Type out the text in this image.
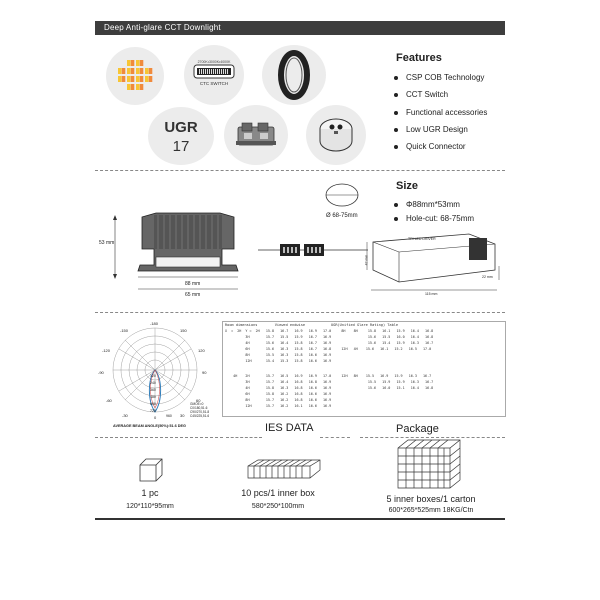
Deep Anti-glare CCT Downlight
2700K•3000K•4000K
CTC SWITCH
UGR
17
Features
CSP COB Technology
CCT Switch
Functional accessories
Low UGR Design
Quick Connector
53 mm
88 mm
65 mm
Ø 68-75mm
TRI LED DRIVER
47 mm
22 mm
115 mm
Size
Φ88mm*53mm
Hole-cut: 68-75mm
-180
-150	150
-120	120
-90	90
-60	60
-30	30
0
120
240
360
480
600
720
960
GMOE=0
C0/180,51.6
C90/270,51.8
C45/225,51.6
AVERAGE BEAM ANGLE(50%):51.6 DEG
Room dimensions        Viewed endwise            UGR(Unified Glare Rating) Table
X  =  2H  Y =  2H   15.8   16.7   16.9   16.9   17.0     8H    8H     15.8   16.1   15.9   16.4   16.8
3H        15.7   15.5   15.9   16.7   16.9                  15.6   15.5   16.0   16.4   16.8
4H        15.6   16.4   15.8   16.7   16.9                  15.6   15.4   15.9   16.3   16.7
6H        15.6   16.3   15.8   16.7   16.8     12H   4H    15.6   16.1   15.2   16.5   17.0
8H        15.5   16.3   15.8   16.6   16.9
12H       15.4   15.3   15.8   16.6   16.9
4H    2H        15.7   16.5   16.9   16.9   17.0     12H   8H    15.5   16.9   15.9   16.3   16.7
3H        15.7   16.4   16.8   16.8   16.9                  15.5   15.9   15.9   16.3   16.7
4H        15.8   16.3   16.8   16.6   16.9                  15.6   16.0   15.1   16.4   16.8
6H        15.8   16.2   16.8   16.6   16.9
8H        15.7   16.2   16.8   16.6   16.9
12H       15.7   16.2   16.1   16.6   16.9
IES DATA	Package
1 pc
120*110*95mm
10 pcs/1 inner box
580*250*100mm
5 inner boxes/1 carton
600*265*525mm 18KG/Ctn
